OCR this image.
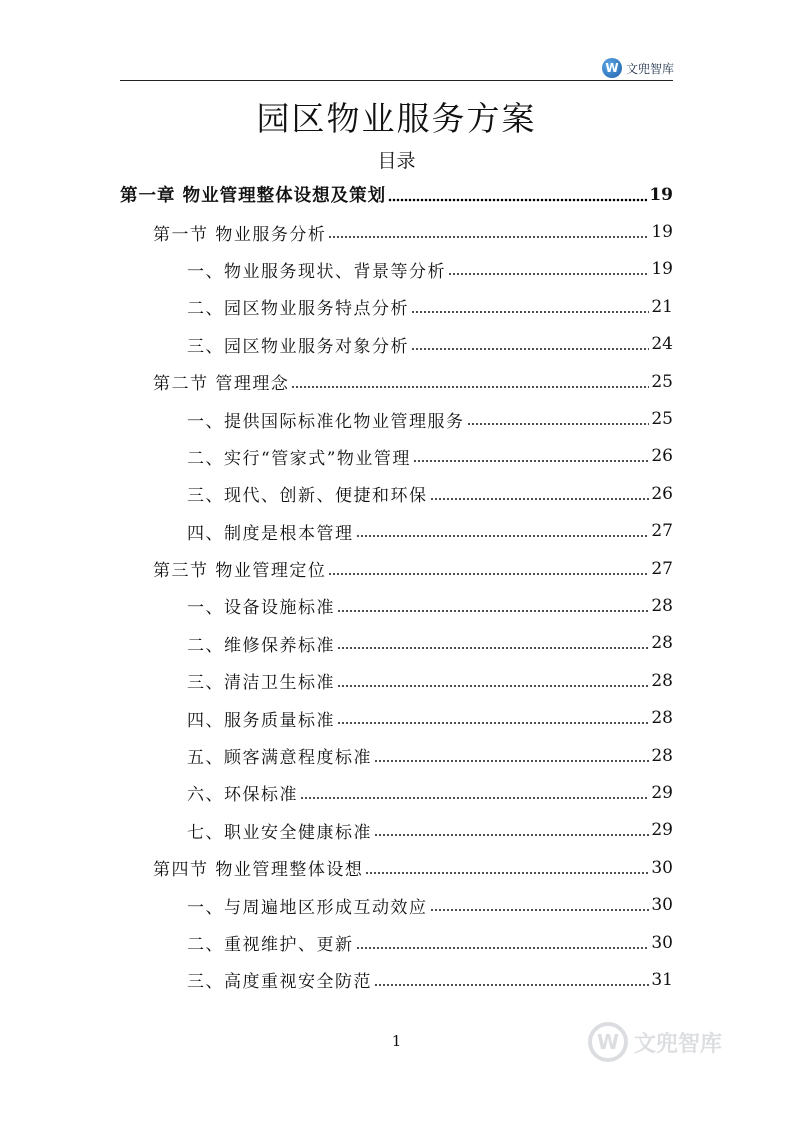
W 文兜智库
园区物业服务方案
目录
第一章 物业管理整体设想及策划	19
第一节 物业服务分析	19
一、物业服务现状、背景等分析	19
二、园区物业服务特点分析	21
三、园区物业服务对象分析	24
第二节 管理理念	25
一、提供国际标准化物业管理服务	25
二、实行“管家式”物业管理	26
三、现代、创新、便捷和环保	26
四、制度是根本管理	27
第三节 物业管理定位	27
一、设备设施标准	28
二、维修保养标准	28
三、清洁卫生标准	28
四、服务质量标准	28
五、顾客满意程度标准	28
六、环保标准	29
七、职业安全健康标准	29
第四节 物业管理整体设想	30
一、与周遍地区形成互动效应	30
二、重视维护、更新	30
三、高度重视安全防范	31
1	W 文兜智库
